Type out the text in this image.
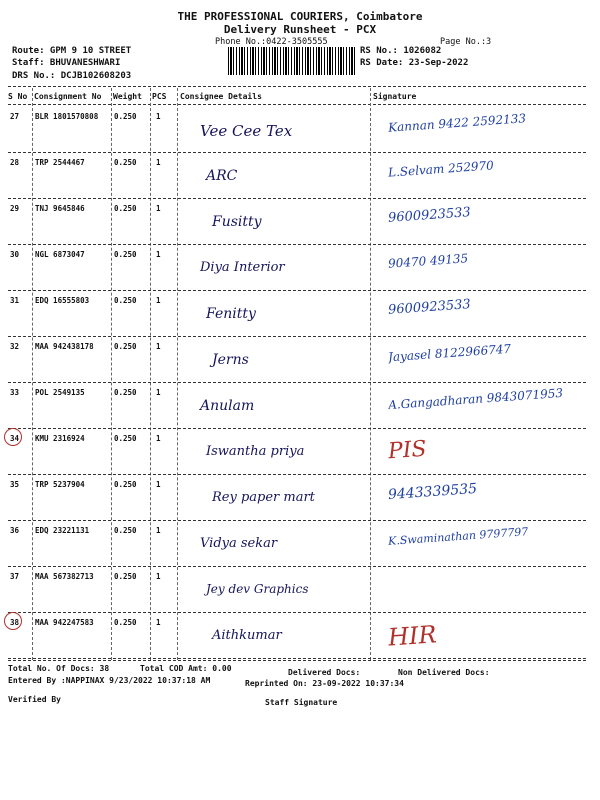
THE PROFESSIONAL COURIERS, Coimbatore
Delivery Runsheet - PCX
Phone No.:0422-3505555	Page No.:3
Route: GPM 9 10 STREET
Staff: BHUVANESHWARI
DRS No.: DCJB102608203
RS No.: 1026082
RS Date: 23-Sep-2022
S No Consignment No Weight PCS Consignee Details	Signature
27 BLR 1801570808 0.250	1
Vee Cee Tex	Kannan 9422 2592133
28 TRP 2544467	0.250	1
ARC	L.Selvam 252970
29 TNJ 9645846	0.250	1
Fusitty	9600923533
30 NGL 6873047	0.250	1
Diya Interior	90470 49135
31 EDQ 16555803	0.250	1
Fenitty	9600923533
32 MAA 942438178	0.250	1
Jerns	Jayasel 8122966747
33 POL 2549135	0.250	1
Anulam	A.Gangadharan 9843071953
34 KMU 2316924	0.250	1
Iswantha priya	PIS
35 TRP 5237904	0.250	1
Rey paper mart	9443339535
36 EDQ 23221131	0.250	1
Vidya sekar	K.Swaminathan 9797797
37 MAA 567382713	0.250	1
Jey dev Graphics
38 MAA 942247583	0.250	1
Aithkumar	HIR
Total No. Of Docs: 38	Total COD Amt: 0.00	Delivered Docs:	Non Delivered Docs:
Entered By :NAPPINAX 9/23/2022 10:37:18 AM	Reprinted On: 23-09-2022 10:37:34
Verified By	Staff Signature
